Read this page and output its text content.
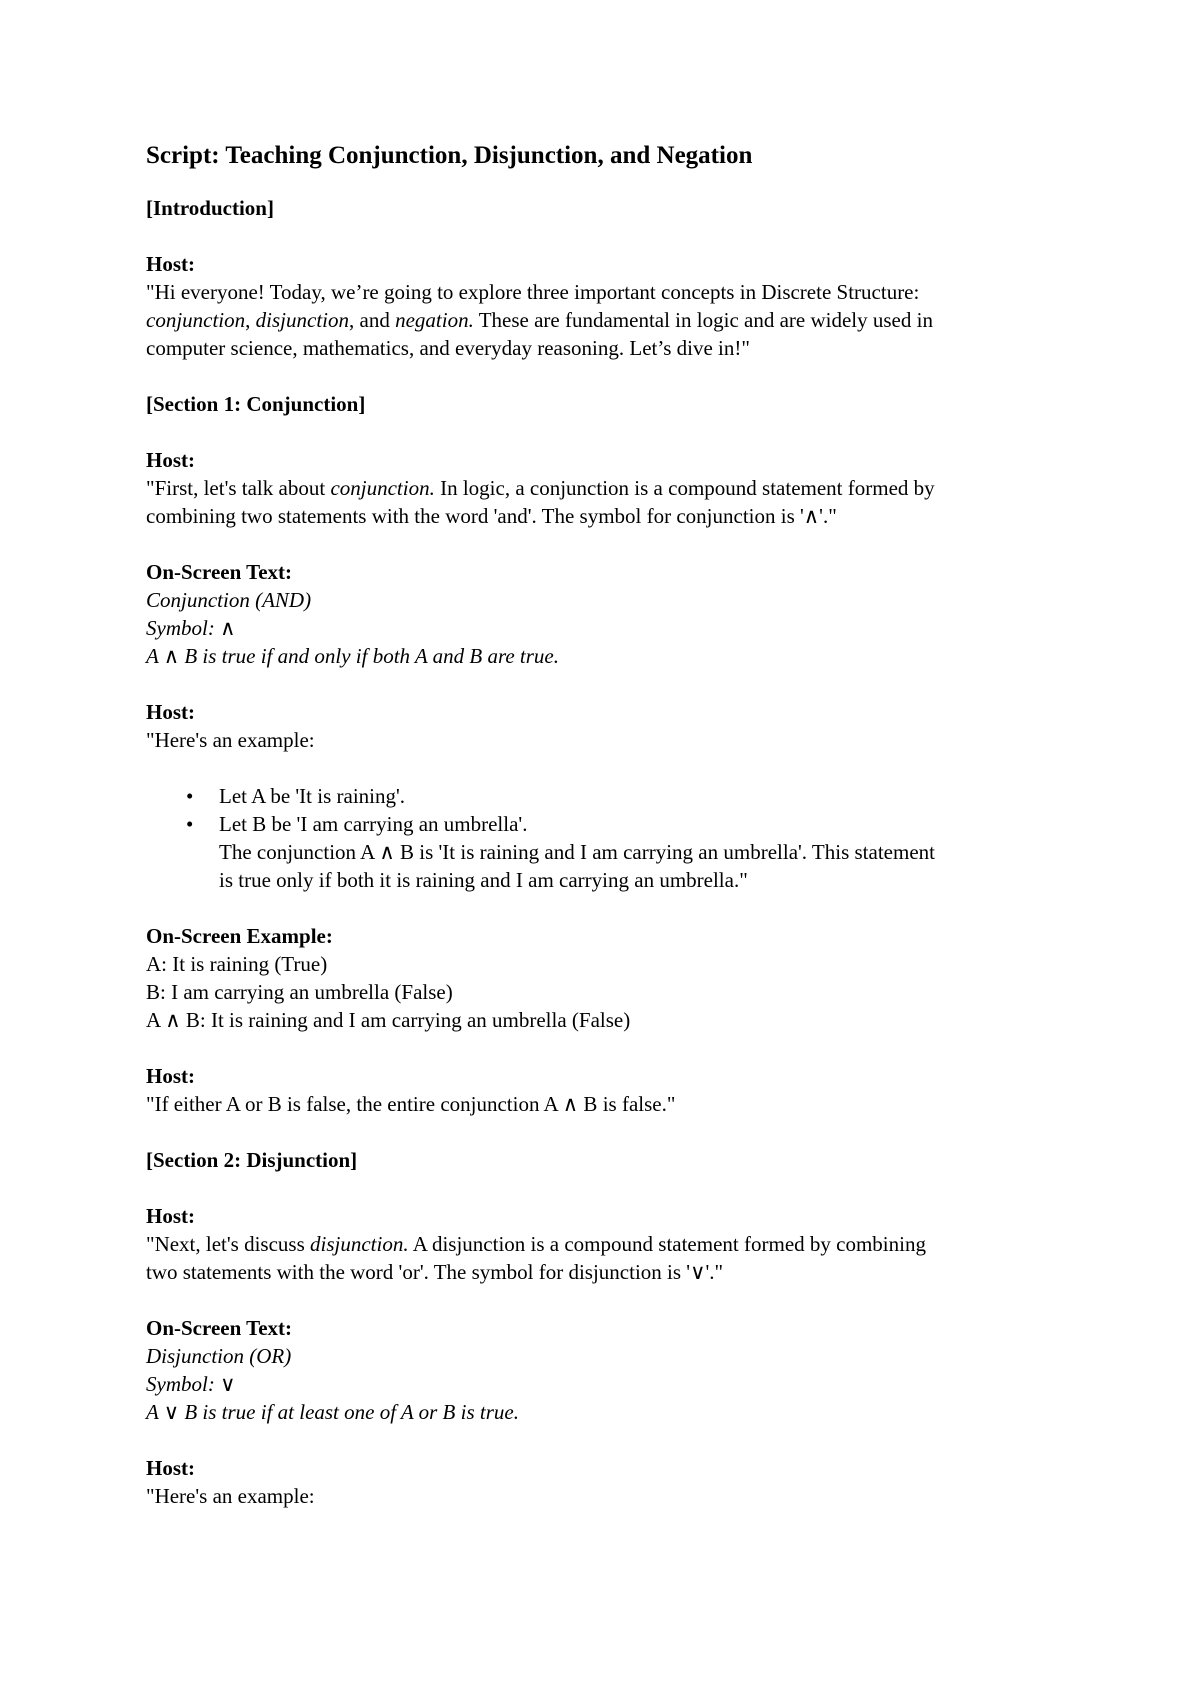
Script: Teaching Conjunction, Disjunction, and Negation
[Introduction]

Host:

"Hi everyone! Today, we’re going to explore three important concepts in Discrete Structure:

conjunction, disjunction, and negation. These are fundamental in logic and are widely used in

computer science, mathematics, and everyday reasoning. Let’s dive in!"

[Section 1: Conjunction]

Host:

"First, let's talk about conjunction. In logic, a conjunction is a compound statement formed by

combining two statements with the word 'and'. The symbol for conjunction is '∧'."

On-Screen Text:

Conjunction (AND)

Symbol: ∧

A ∧ B is true if and only if both A and B are true.

Host:

"Here's an example:

• Let A be 'It is raining'.
• Let B be 'I am carrying an umbrella'.

The conjunction A ∧ B is 'It is raining and I am carrying an umbrella'. This statement

is true only if both it is raining and I am carrying an umbrella."

On-Screen Example:

A: It is raining (True)

B: I am carrying an umbrella (False)

A ∧ B: It is raining and I am carrying an umbrella (False)

Host:

"If either A or B is false, the entire conjunction A ∧ B is false."

[Section 2: Disjunction]

Host:

"Next, let's discuss disjunction. A disjunction is a compound statement formed by combining

two statements with the word 'or'. The symbol for disjunction is '∨'."

On-Screen Text:

Disjunction (OR)

Symbol: ∨

A ∨ B is true if at least one of A or B is true.

Host:

"Here's an example:
